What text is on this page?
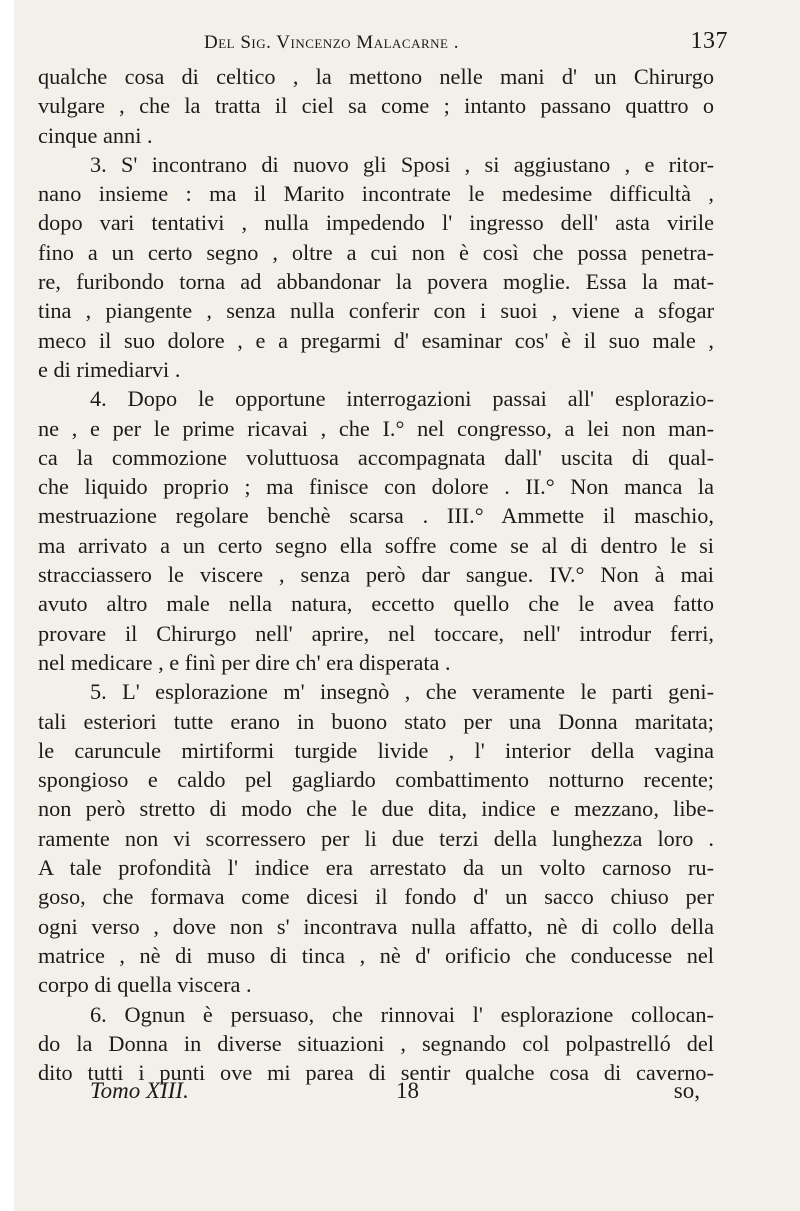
Del Sig. Vincenzo Malacarne .	137
qualche cosa di celtico , la mettono nelle mani d' un Chirurgo
vulgare , che la tratta il ciel sa come ; intanto passano quattro o
cinque anni .
3. S' incontrano di nuovo gli Sposi , si aggiustano , e ritor-
nano insieme : ma il Marito incontrate le medesime difficultà ,
dopo vari tentativi , nulla impedendo l' ingresso dell' asta virile
fino a un certo segno , oltre a cui non è così che possa penetra-
re, furibondo torna ad abbandonar la povera moglie. Essa la mat-
tina , piangente , senza nulla conferir con i suoi , viene a sfogar
meco il suo dolore , e a pregarmi d' esaminar cos' è il suo male ,
e di rimediarvi .
4. Dopo le opportune interrogazioni passai all' esplorazio-
ne , e per le prime ricavai , che I.° nel congresso, a lei non man-
ca la commozione voluttuosa accompagnata dall' uscita di qual-
che liquido proprio ; ma finisce con dolore . II.° Non manca la
mestruazione regolare benchè scarsa . III.° Ammette il maschio,
ma arrivato a un certo segno ella soffre come se al di dentro le si
stracciassero le viscere , senza però dar sangue. IV.° Non à mai
avuto altro male nella natura, eccetto quello che le avea fatto
provare il Chirurgo nell' aprire, nel toccare, nell' introdur ferri,
nel medicare , e finì per dire ch' era disperata .
5. L' esplorazione m' insegnò , che veramente le parti geni-
tali esteriori tutte erano in buono stato per una Donna maritata;
le caruncule mirtiformi turgide livide , l' interior della vagina
spongioso e caldo pel gagliardo combattimento notturno recente;
non però stretto di modo che le due dita, indice e mezzano, libe-
ramente non vi scorressero per li due terzi della lunghezza loro .
A tale profondità l' indice era arrestato da un volto carnoso ru-
goso, che formava come dicesi il fondo d' un sacco chiuso per
ogni verso , dove non s' incontrava nulla affatto, nè di collo della
matrice , nè di muso di tinca , nè d' orificio che conducesse nel
corpo di quella viscera .
6. Ognun è persuaso, che rinnovai l' esplorazione collocan-
do la Donna in diverse situazioni , segnando col polpastrelló del
dito tutti i punti ove mi parea di sentir qualche cosa di caverno-
Tomo XIII.	18	so,
